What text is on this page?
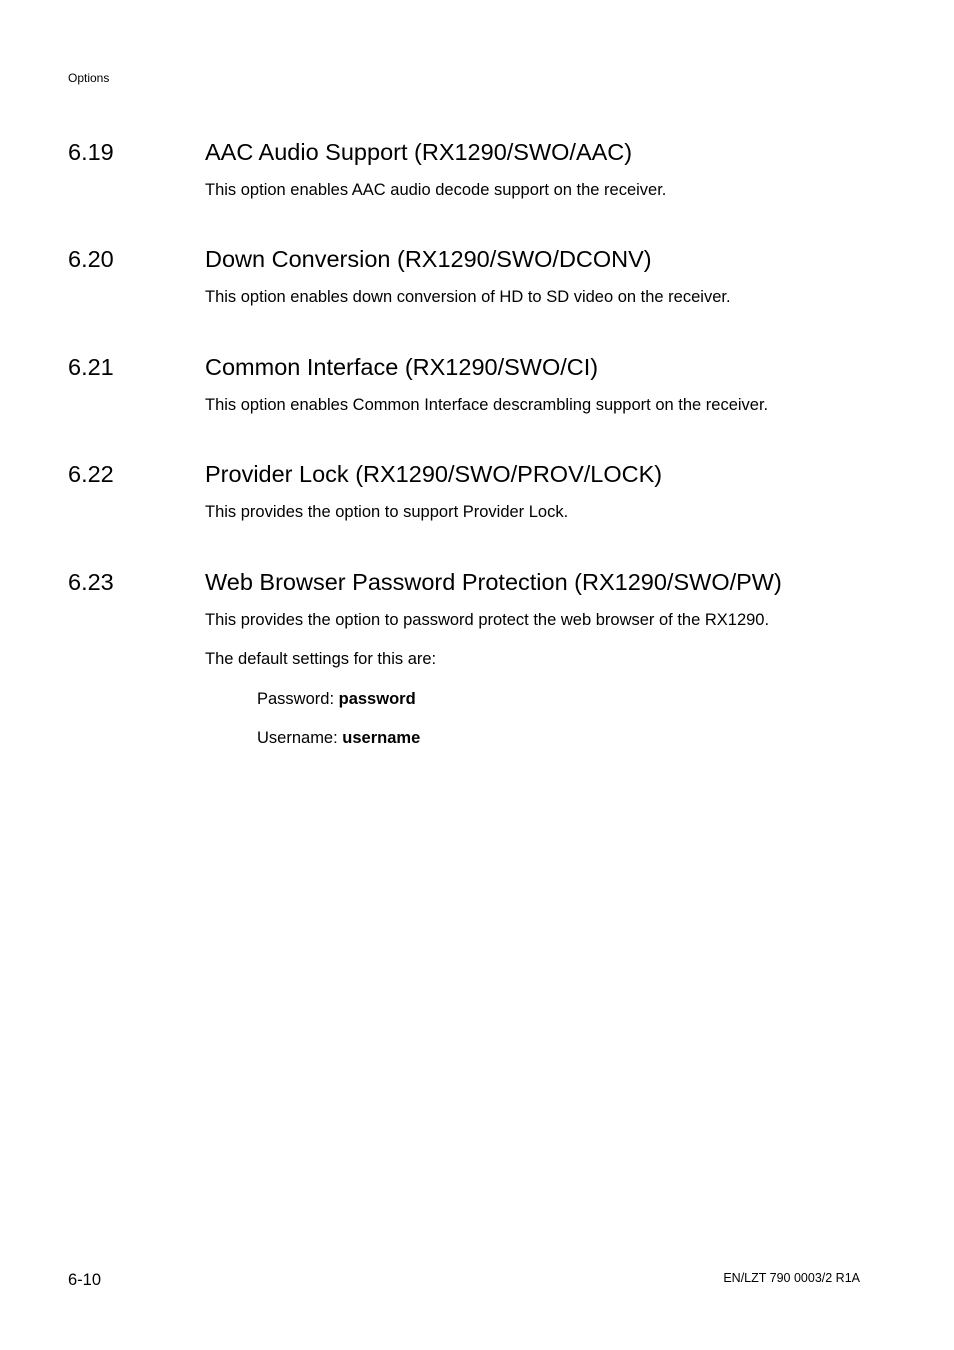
Options
6.19	AAC Audio Support (RX1290/SWO/AAC)
This option enables AAC audio decode support on the receiver.
6.20	Down Conversion (RX1290/SWO/DCONV)
This option enables down conversion of HD to SD video on the receiver.
6.21	Common Interface (RX1290/SWO/CI)
This option enables Common Interface descrambling support on the receiver.
6.22	Provider Lock (RX1290/SWO/PROV/LOCK)
This provides the option to support Provider Lock.
6.23	Web Browser Password Protection (RX1290/SWO/PW)
This provides the option to password protect the web browser of the RX1290.
The default settings for this are:
Password: password
Username: username
6-10	EN/LZT 790 0003/2 R1A
